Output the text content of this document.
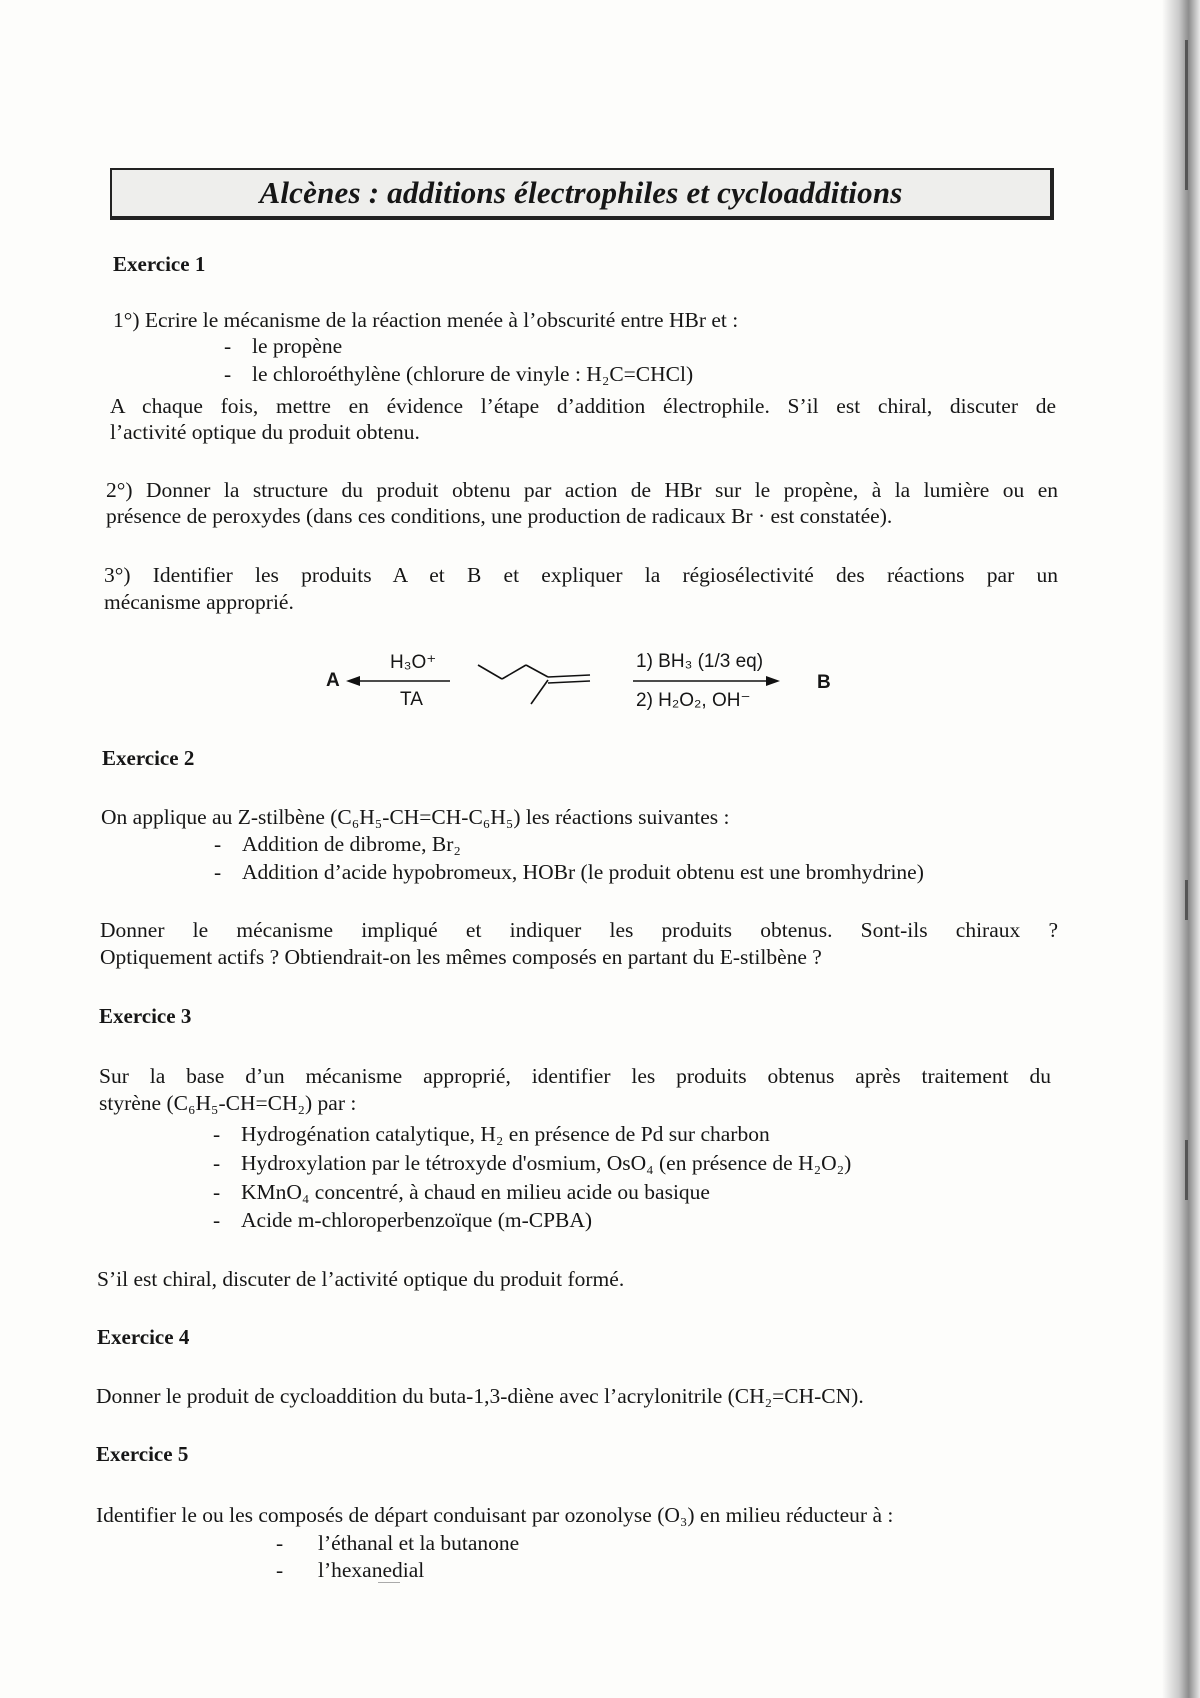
Alcènes : additions électrophiles et cycloadditions
Exercice 1
1°) Ecrire le mécanisme de la réaction menée à l’obscurité entre HBr et :
- le propène
- le chloroéthylène (chlorure de vinyle : H₂C=CHCl)
A chaque fois, mettre en évidence l’étape d’addition électrophile. S’il est chiral, discuter de
l’activité optique du produit obtenu.
2°) Donner la structure du produit obtenu par action de HBr sur le propène, à la lumière ou en
présence de peroxydes (dans ces conditions, une production de radicaux Br · est constatée).
3°) Identifier les produits A et B et expliquer la régiosélectivité des réactions par un
mécanisme approprié.
A
H₃O⁺
TA
1) BH₃ (1/3 eq)
2) H₂O₂, OH⁻
B
Exercice 2
On applique au Z-stilbène (C₆H₅-CH=CH-C₆H₅) les réactions suivantes :
- Addition de dibrome, Br₂
- Addition d’acide hypobromeux, HOBr (le produit obtenu est une bromhydrine)
Donner le mécanisme impliqué et indiquer les produits obtenus. Sont-ils chiraux ?
Optiquement actifs ? Obtiendrait-on les mêmes composés en partant du E-stilbène ?
Exercice 3
Sur la base d’un mécanisme approprié, identifier les produits obtenus après traitement du
styrène (C₆H₅-CH=CH₂) par :
- Hydrogénation catalytique, H₂ en présence de Pd sur charbon
- Hydroxylation par le tétroxyde d'osmium, OsO₄ (en présence de H₂O₂)
- KMnO₄ concentré, à chaud en milieu acide ou basique
- Acide m-chloroperbenzoïque (m-CPBA)
S’il est chiral, discuter de l’activité optique du produit formé.
Exercice 4
Donner le produit de cycloaddition du buta-1,3-diène avec l’acrylonitrile (CH₂=CH-CN).
Exercice 5
Identifier le ou les composés de départ conduisant par ozonolyse (O₃) en milieu réducteur à :
- l’éthanal et la butanone
- l’hexanedial
